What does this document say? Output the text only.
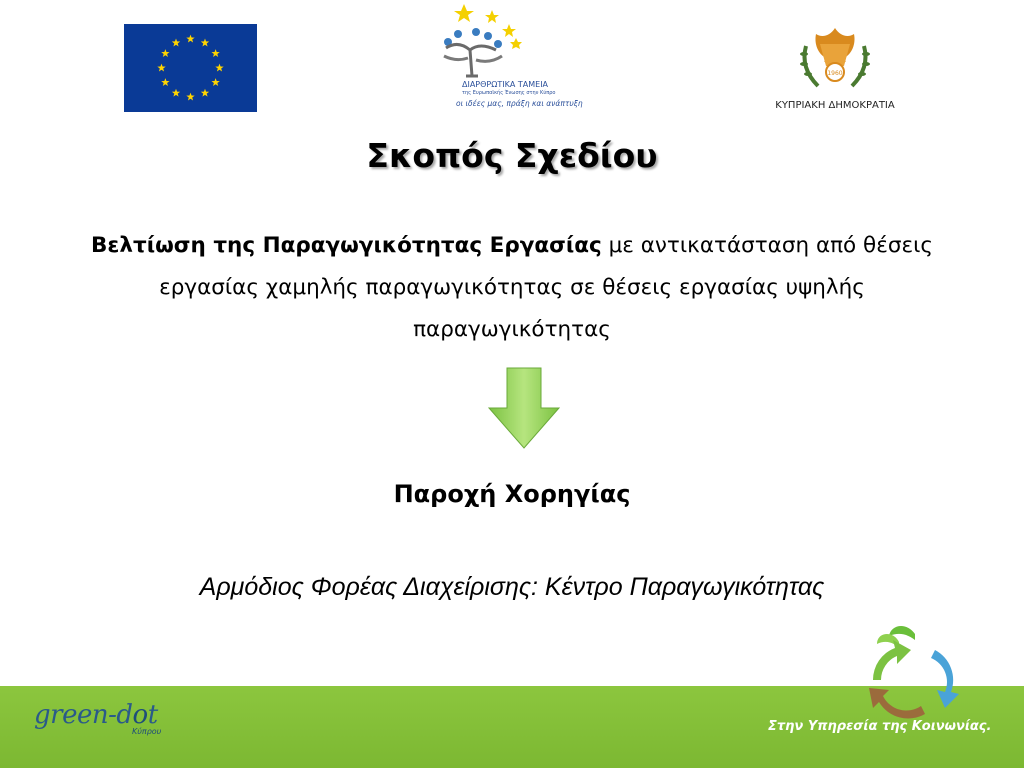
ΔΙΑΡΘΡΩΤΙΚΑ ΤΑΜΕΙΑ
της Ευρωπαϊκής Ένωσης στην Κύπρο
οι ιδέες μας, πράξη και ανάπτυξη
1960
ΚΥΠΡΙΑΚΗ ΔΗΜΟΚΡΑΤΙΑ
Σκοπός Σχεδίου
Βελτίωση της Παραγωγικότητας Εργασίας με αντικατάσταση από θέσεις εργασίας χαμηλής παραγωγικότητας σε θέσεις εργασίας υψηλής παραγωγικότητας
Παροχή Χορηγίας
Αρμόδιος Φορέας Διαχείρισης: Κέντρο Παραγωγικότητας
green-dot
Κύπρου	Στην Υπηρεσία της Κοινωνίας.
